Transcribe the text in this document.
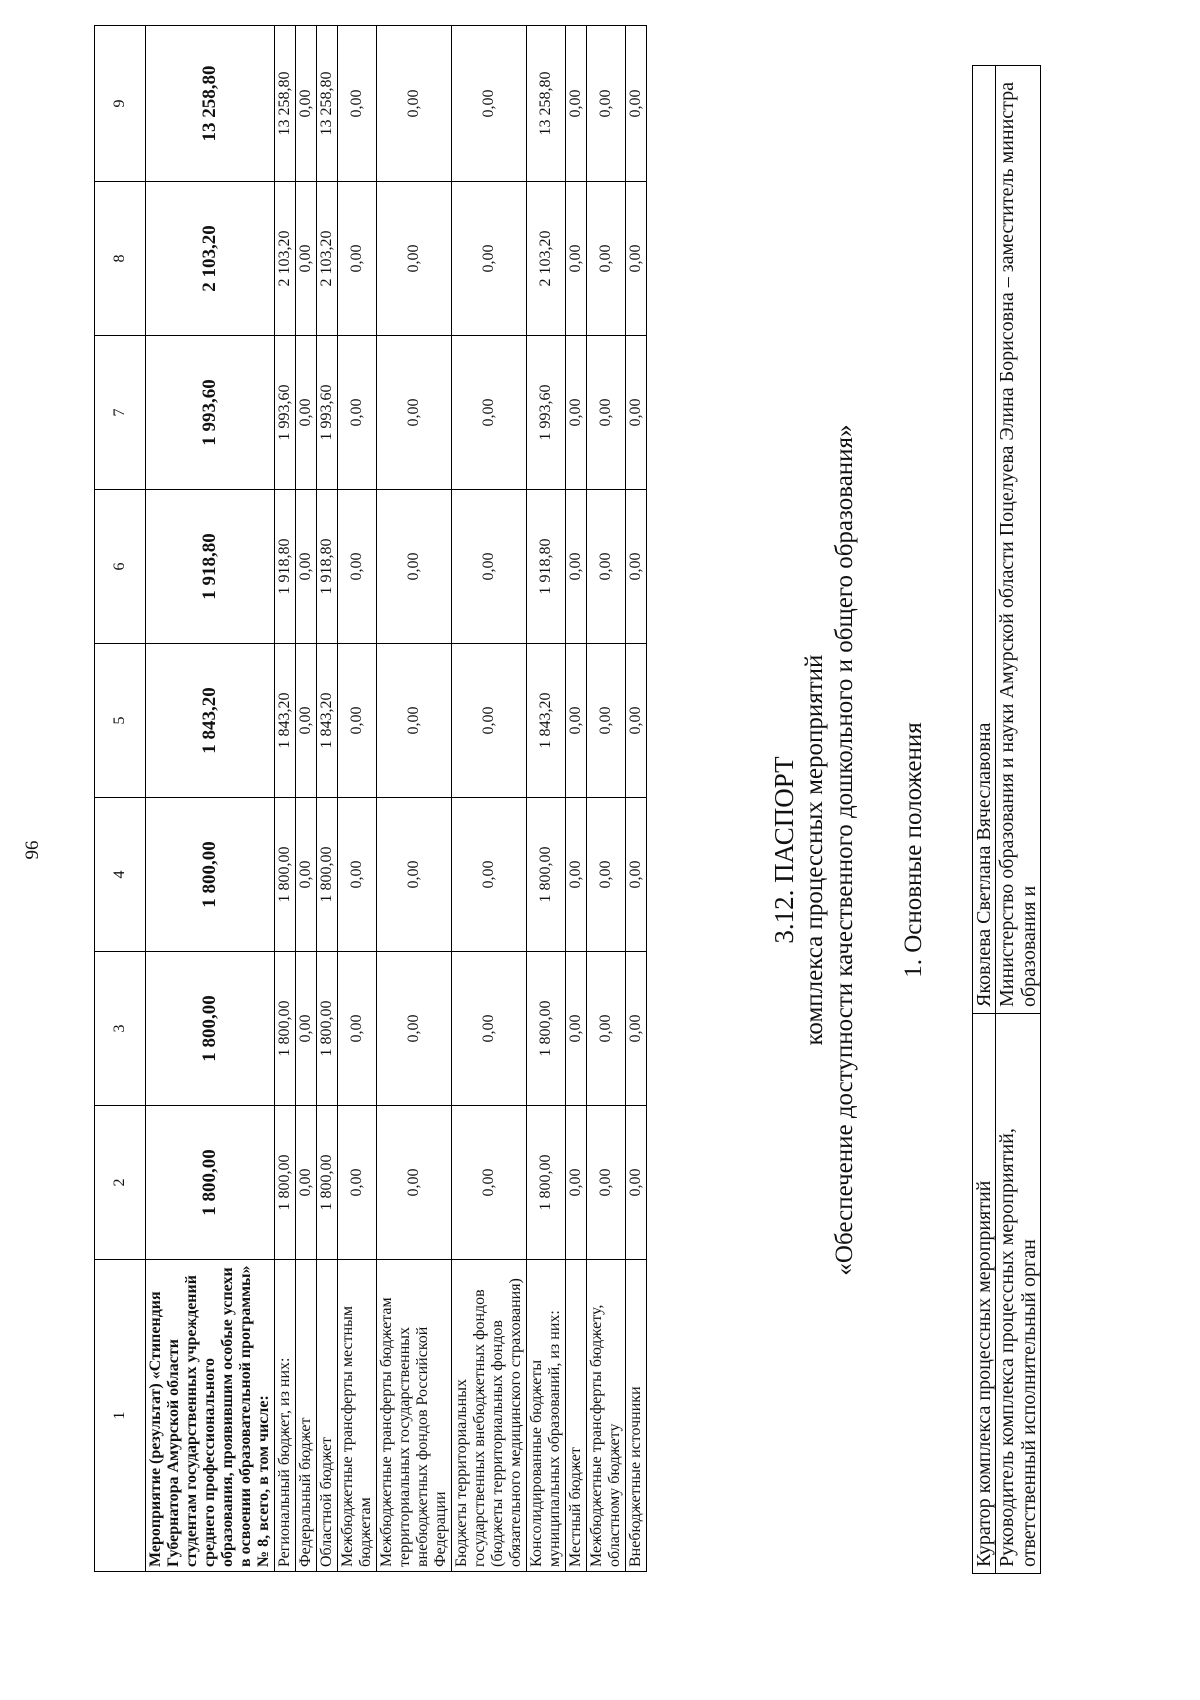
96
1	2	3	4	5	6	7	8	9
Мероприятие (результат) «Стипендия Губернатора Амурской области студентам государственных учреждений среднего профессионального образования, проявившим особые успехи в освоении образовательной программы» № 8, всего, в том числе:	1 800,00	1 800,00	1 800,00	1 843,20	1 918,80	1 993,60	2 103,20	13 258,80
Региональный бюджет, из них:	1 800,00	1 800,00	1 800,00	1 843,20	1 918,80	1 993,60	2 103,20	13 258,80
Федеральный бюджет	0,00	0,00	0,00	0,00	0,00	0,00	0,00	0,00
Областной бюджет	1 800,00	1 800,00	1 800,00	1 843,20	1 918,80	1 993,60	2 103,20	13 258,80
Межбюджетные трансферты местным бюджетам	0,00	0,00	0,00	0,00	0,00	0,00	0,00	0,00
Межбюджетные трансферты бюджетам территориальных государственных внебюджетных фондов Российской Федерации	0,00	0,00	0,00	0,00	0,00	0,00	0,00	0,00
Бюджеты территориальных государственных внебюджетных фондов (бюджеты территориальных фондов обязательного медицинского страхования)	0,00	0,00	0,00	0,00	0,00	0,00	0,00	0,00
Консолидированные бюджеты муниципальных образований, из них:	1 800,00	1 800,00	1 800,00	1 843,20	1 918,80	1 993,60	2 103,20	13 258,80
Местный бюджет	0,00	0,00	0,00	0,00	0,00	0,00	0,00	0,00
Межбюджетные трансферты бюджету, областному бюджету	0,00	0,00	0,00	0,00	0,00	0,00	0,00	0,00
Внебюджетные источники	0,00	0,00	0,00	0,00	0,00	0,00	0,00	0,00
3.12. ПАСПОРТ комплекса процессных мероприятий «Обеспечение доступности качественного дошкольного и общего образования» 1. Основные положения
Куратор комплекса процессных мероприятий	Яковлева Светлана Вячеславовна
Руководитель комплекса процессных мероприятий, ответственный исполнительный орган	Министерство образования и науки Амурской области Поцелуева Элина Борисовна – заместитель министра образования и
